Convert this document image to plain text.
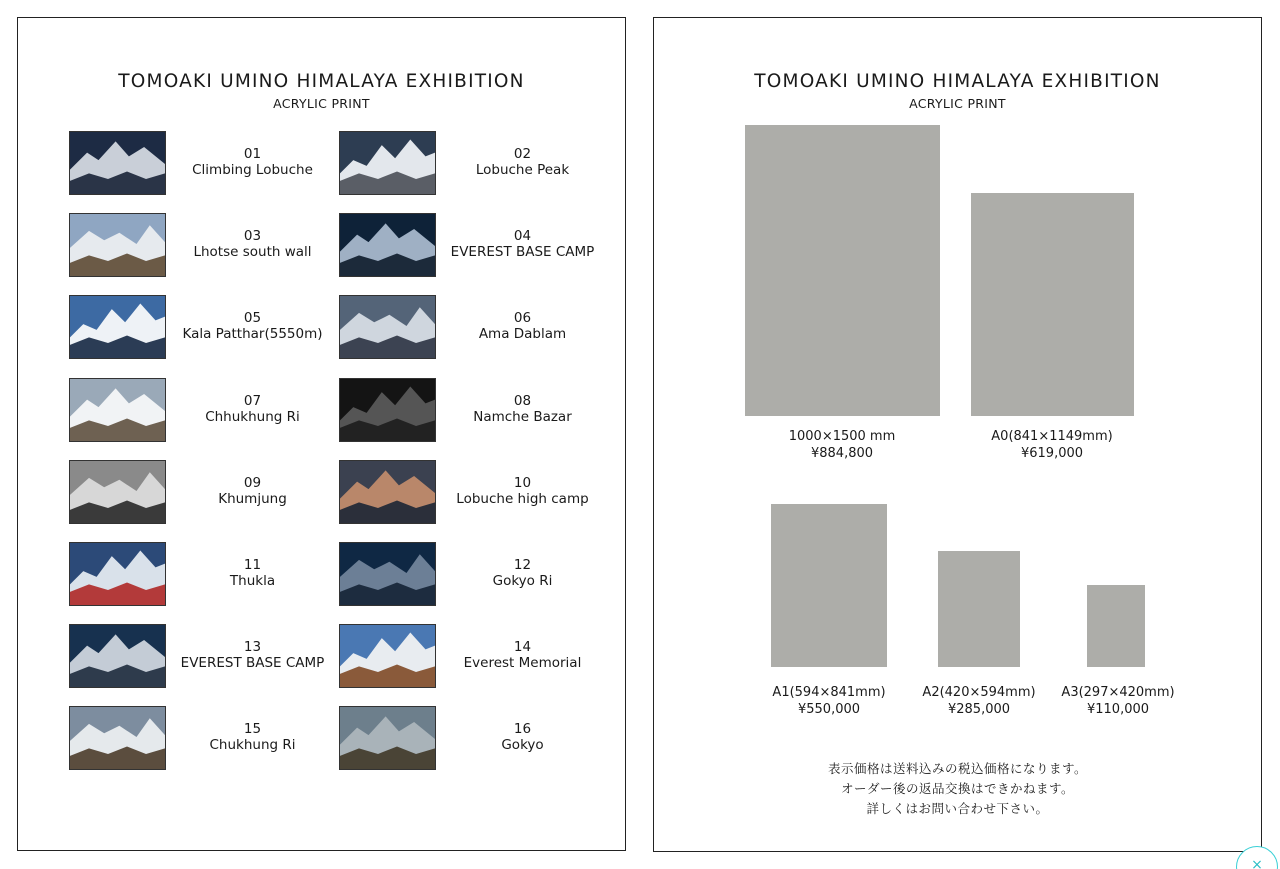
TOMOAKI UMINO HIMALAYA EXHIBITION
ACRYLIC PRINT
01
Climbing Lobuche
02
Lobuche Peak
03
Lhotse south wall
04
EVEREST BASE CAMP
05
Kala Patthar(5550m)
06
Ama Dablam
07
Chhukhung Ri
08
Namche Bazar
09
Khumjung
10
Lobuche high camp
11
Thukla
12
Gokyo Ri
13
EVEREST BASE CAMP
14
Everest Memorial
15
Chukhung Ri
16
Gokyo
TOMOAKI UMINO HIMALAYA EXHIBITION
ACRYLIC PRINT
1000×1500 mm
¥884,800
A0(841×1149mm)
¥619,000
A1(594×841mm)
¥550,000
A2(420×594mm)
¥285,000
A3(297×420mm)
¥110,000
表示価格は送料込みの税込価格になります。
オーダー後の返品交換はできかねます。
詳しくはお問い合わせ下さい。
×
